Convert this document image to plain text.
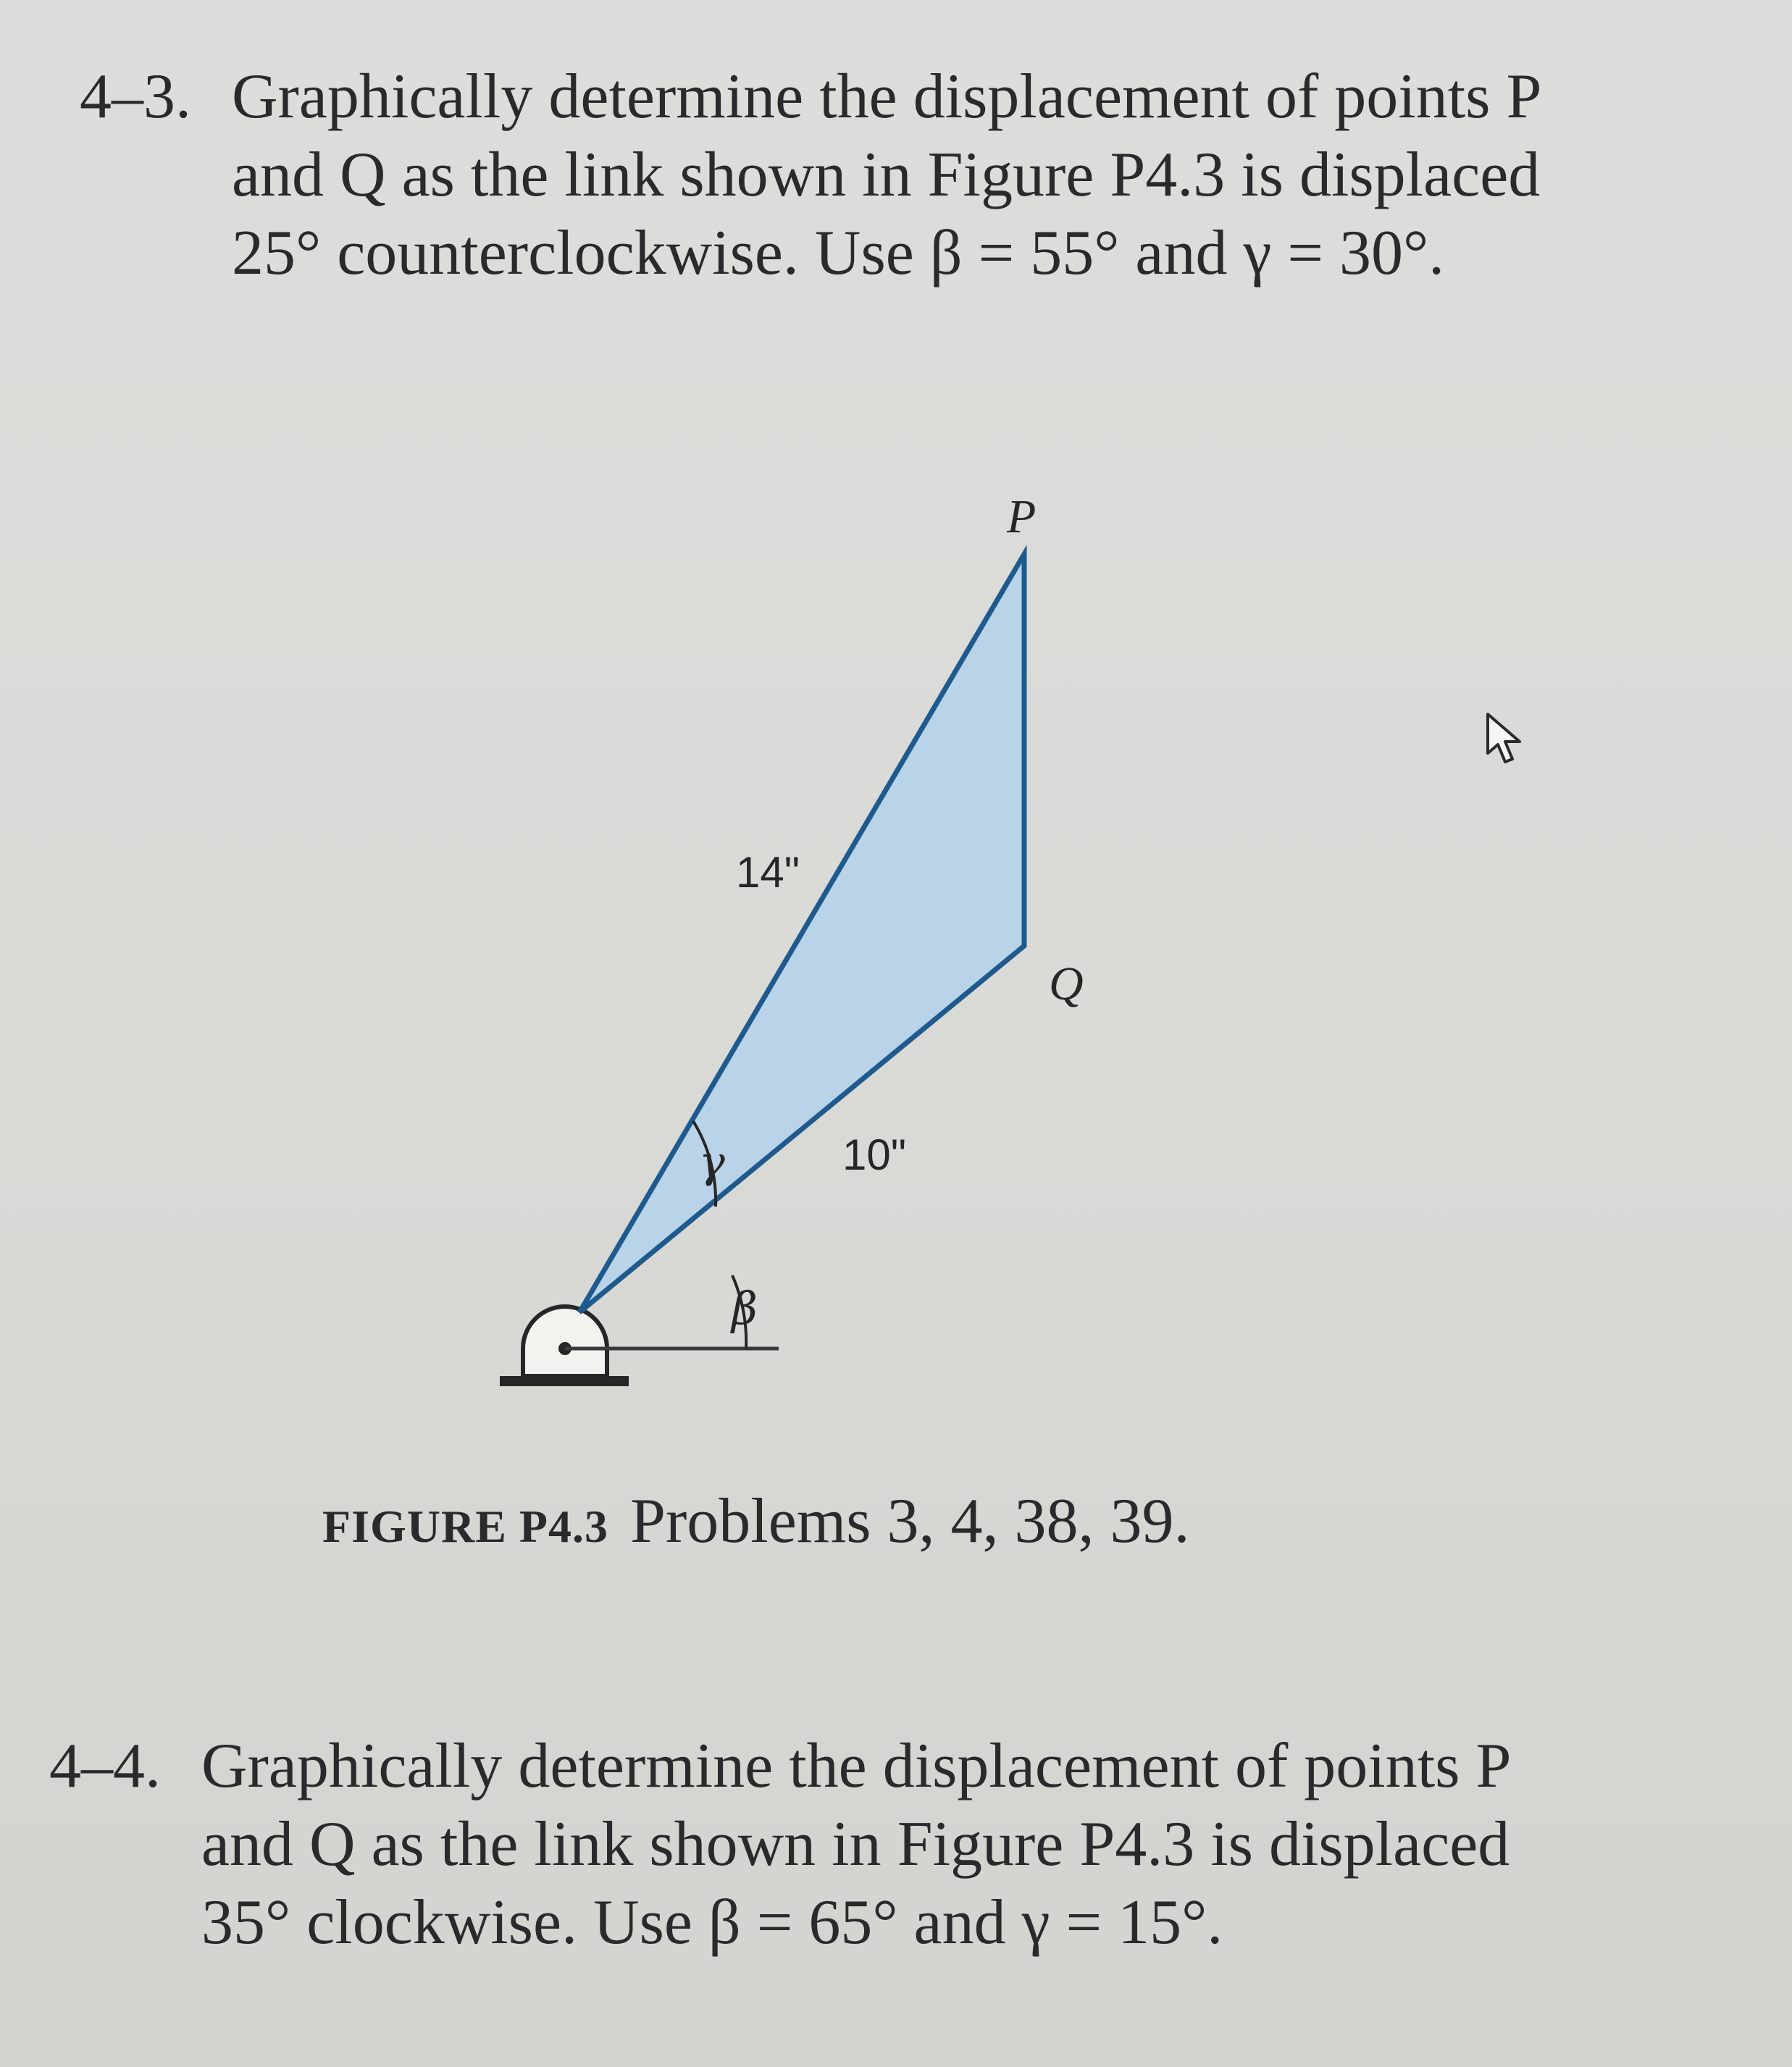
4–3. Graphically determine the displacement of points P
and Q as the link shown in Figure P4.3 is displaced
25° counterclockwise. Use β = 55° and γ = 30°.
P
Q
14"
10"
γ
β
FIGURE P4.3 Problems 3, 4, 38, 39.
4–4. Graphically determine the displacement of points P
and Q as the link shown in Figure P4.3 is displaced
35° clockwise. Use β = 65° and γ = 15°.
